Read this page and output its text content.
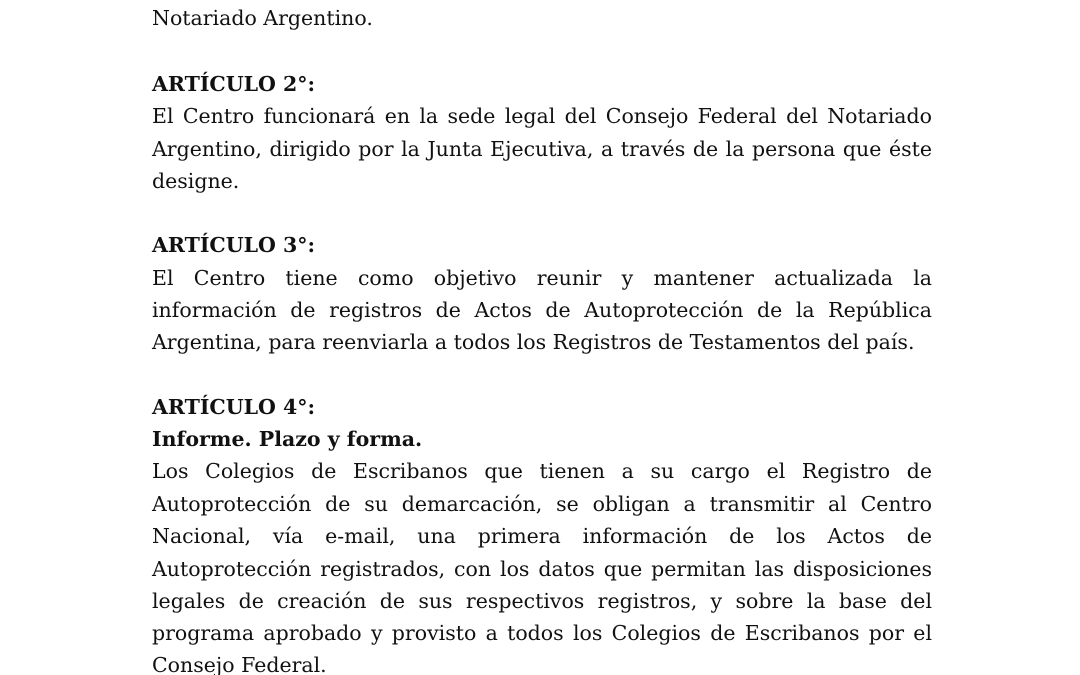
Notariado Argentino.
ARTÍCULO 2°:
El Centro funcionará en la sede legal del Consejo Federal del Notariado
Argentino, dirigido por la Junta Ejecutiva, a través de la persona que éste
designe.
ARTÍCULO 3°:
El Centro tiene como objetivo reunir y mantener actualizada la
información de registros de Actos de Autoprotección de la República
Argentina, para reenviarla a todos los Registros de Testamentos del país.
ARTÍCULO 4°:
Informe. Plazo y forma.
Los Colegios de Escribanos que tienen a su cargo el Registro de
Autoprotección de su demarcación, se obligan a transmitir al Centro
Nacional, vía e-mail, una primera información de los Actos de
Autoprotección registrados, con los datos que permitan las disposiciones
legales de creación de sus respectivos registros, y sobre la base del
programa aprobado y provisto a todos los Colegios de Escribanos por el
Consejo Federal.
